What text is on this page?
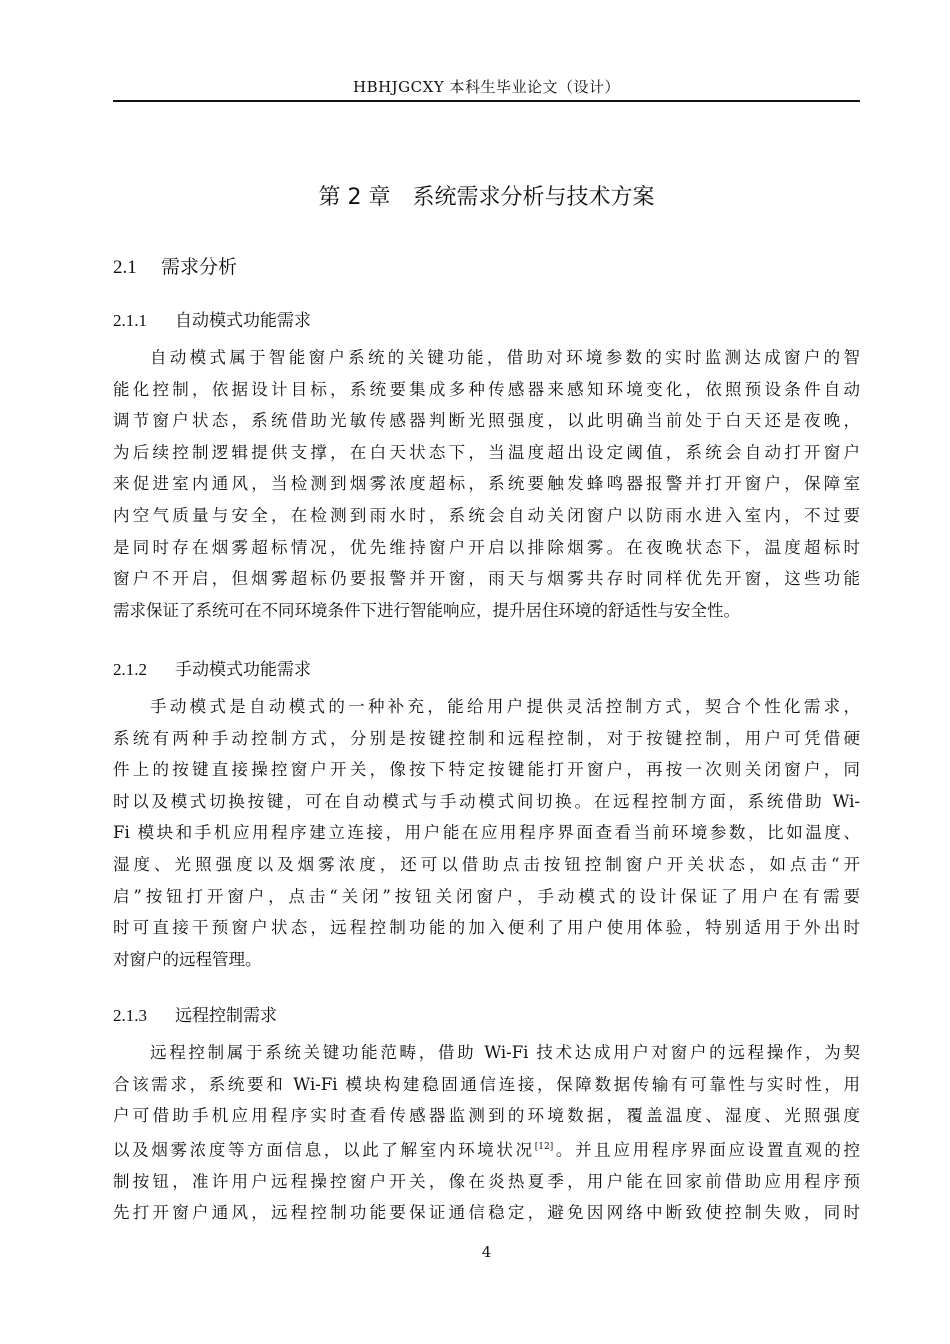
HBHJGCXY 本科生毕业论文（设计）
第 2 章 系统需求分析与技术方案
2.1 需求分析
2.1.1 自动模式功能需求
自动模式属于智能窗户系统的关键功能，借助对环境参数的实时监测达成窗户的智
能化控制，依据设计目标，系统要集成多种传感器来感知环境变化，依照预设条件自动
调节窗户状态，系统借助光敏传感器判断光照强度，以此明确当前处于白天还是夜晚，
为后续控制逻辑提供支撑，在白天状态下，当温度超出设定阈值，系统会自动打开窗户
来促进室内通风，当检测到烟雾浓度超标，系统要触发蜂鸣器报警并打开窗户，保障室
内空气质量与安全，在检测到雨水时，系统会自动关闭窗户以防雨水进入室内，不过要
是同时存在烟雾超标情况，优先维持窗户开启以排除烟雾。在夜晚状态下，温度超标时
窗户不开启，但烟雾超标仍要报警并开窗，雨天与烟雾共存时同样优先开窗，这些功能
需求保证了系统可在不同环境条件下进行智能响应，提升居住环境的舒适性与安全性。
2.1.2 手动模式功能需求
手动模式是自动模式的一种补充，能给用户提供灵活控制方式，契合个性化需求，
系统有两种手动控制方式，分别是按键控制和远程控制，对于按键控制，用户可凭借硬
件上的按键直接操控窗户开关，像按下特定按键能打开窗户，再按一次则关闭窗户，同
时以及模式切换按键，可在自动模式与手动模式间切换。在远程控制方面，系统借助 Wi-
Fi 模块和手机应用程序建立连接，用户能在应用程序界面查看当前环境参数，比如温度、
湿度、光照强度以及烟雾浓度，还可以借助点击按钮控制窗户开关状态，如点击“开
启”按钮打开窗户，点击“关闭”按钮关闭窗户，手动模式的设计保证了用户在有需要
时可直接干预窗户状态，远程控制功能的加入便利了用户使用体验，特别适用于外出时
对窗户的远程管理。
2.1.3 远程控制需求
远程控制属于系统关键功能范畴，借助 Wi-Fi 技术达成用户对窗户的远程操作，为契
合该需求，系统要和 Wi-Fi 模块构建稳固通信连接，保障数据传输有可靠性与实时性，用
户可借助手机应用程序实时查看传感器监测到的环境数据，覆盖温度、湿度、光照强度
以及烟雾浓度等方面信息，以此了解室内环境状况[12]。并且应用程序界面应设置直观的控
制按钮，准许用户远程操控窗户开关，像在炎热夏季，用户能在回家前借助应用程序预
先打开窗户通风，远程控制功能要保证通信稳定，避免因网络中断致使控制失败，同时
4
